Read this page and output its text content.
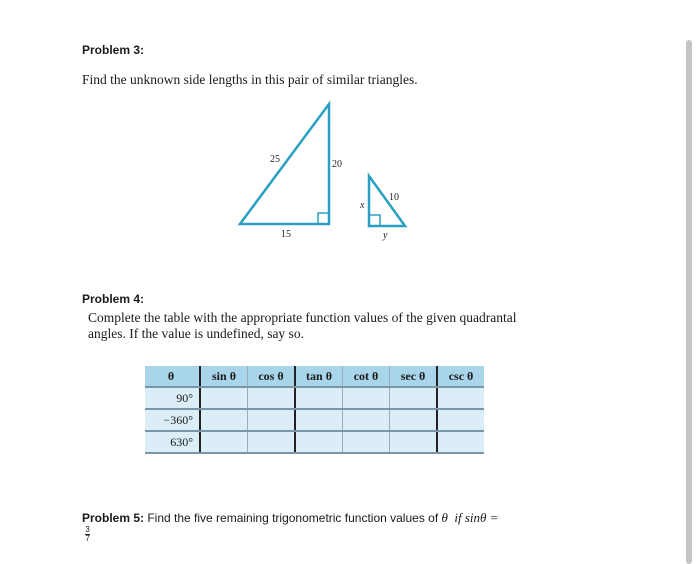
Problem 3:
Find the unknown side lengths in this pair of similar triangles.
25	20
15
10
x
y
Problem 4:
Complete the table with the appropriate function values of the given quadrantal
angles. If the value is undefined, say so.
θ	sin θ	cos θ	tan θ	cot θ	sec θ	csc θ
90°						
−360°						
630°						
Problem 5: Find the five remaining trigonometric function values of θ  if sinθ =

$\frac{3}{7}$
